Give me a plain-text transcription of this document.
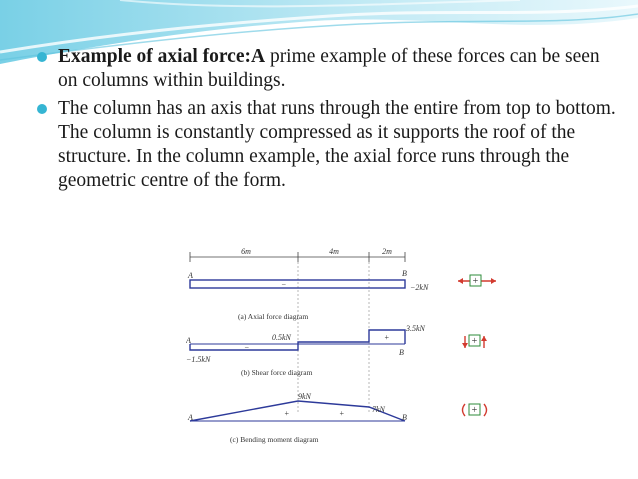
Example of axial force:A prime example of these forces can be seen on columns within buildings.
The column has an axis that runs through the entire from top to bottom. The column is constantly compressed as it supports the roof of the structure. In the column example, the axial force runs through the geometric centre of the form.
6m	4m	2m
A	B
−	−2kN
(a) Axial force diagram
A
B
−1.5kN
0.5kN
3.5kN
−
+
(b) Shear force diagram
A	B
9kN
7kN
+	+
(c) Bending moment diagram
+
+
+
